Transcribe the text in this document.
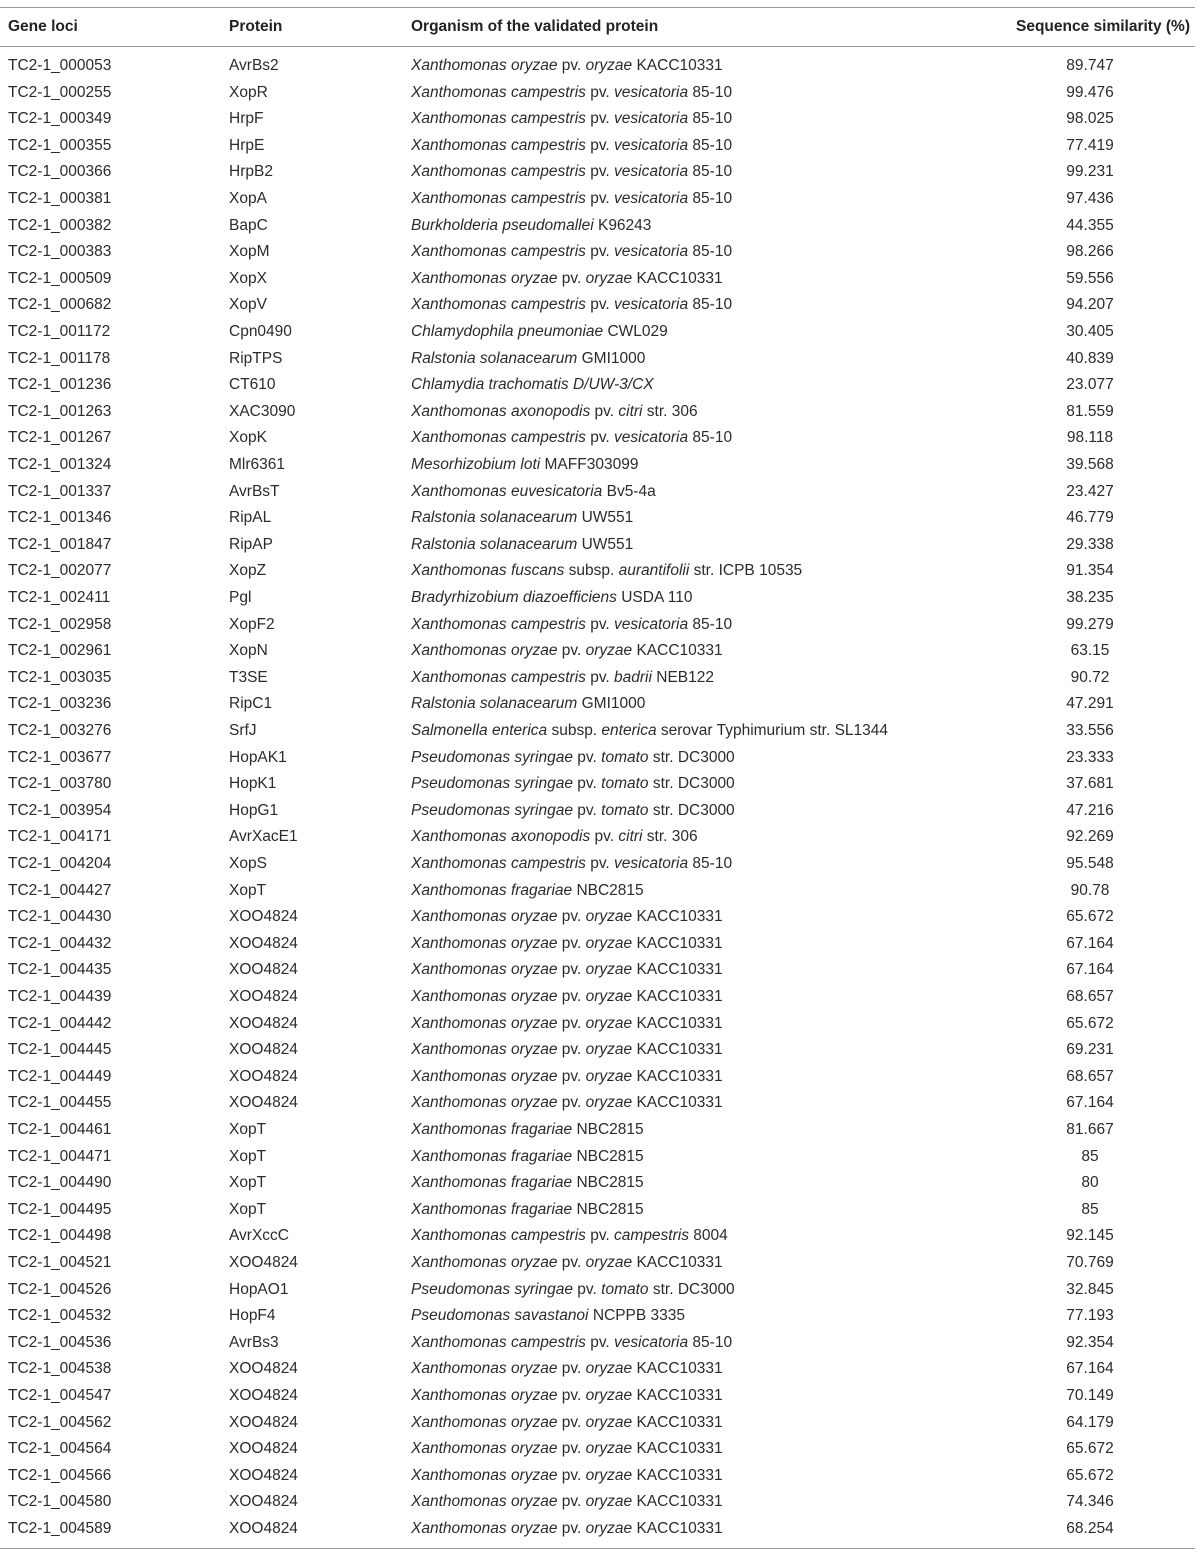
Gene loci	Protein	Organism of the validated protein	Sequence similarity (%)
TC2-1_000053	AvrBs2	Xanthomonas oryzae pv. oryzae KACC10331	89.747
TC2-1_000255	XopR	Xanthomonas campestris pv. vesicatoria 85-10	99.476
TC2-1_000349	HrpF	Xanthomonas campestris pv. vesicatoria 85-10	98.025
TC2-1_000355	HrpE	Xanthomonas campestris pv. vesicatoria 85-10	77.419
TC2-1_000366	HrpB2	Xanthomonas campestris pv. vesicatoria 85-10	99.231
TC2-1_000381	XopA	Xanthomonas campestris pv. vesicatoria 85-10	97.436
TC2-1_000382	BapC	Burkholderia pseudomallei K96243	44.355
TC2-1_000383	XopM	Xanthomonas campestris pv. vesicatoria 85-10	98.266
TC2-1_000509	XopX	Xanthomonas oryzae pv. oryzae KACC10331	59.556
TC2-1_000682	XopV	Xanthomonas campestris pv. vesicatoria 85-10	94.207
TC2-1_001172	Cpn0490	Chlamydophila pneumoniae CWL029	30.405
TC2-1_001178	RipTPS	Ralstonia solanacearum GMI1000	40.839
TC2-1_001236	CT610	Chlamydia trachomatis D/UW-3/CX	23.077
TC2-1_001263	XAC3090	Xanthomonas axonopodis pv. citri str. 306	81.559
TC2-1_001267	XopK	Xanthomonas campestris pv. vesicatoria 85-10	98.118
TC2-1_001324	Mlr6361	Mesorhizobium loti MAFF303099	39.568
TC2-1_001337	AvrBsT	Xanthomonas euvesicatoria Bv5-4a	23.427
TC2-1_001346	RipAL	Ralstonia solanacearum UW551	46.779
TC2-1_001847	RipAP	Ralstonia solanacearum UW551	29.338
TC2-1_002077	XopZ	Xanthomonas fuscans subsp. aurantifolii str. ICPB 10535	91.354
TC2-1_002411	Pgl	Bradyrhizobium diazoefficiens USDA 110	38.235
TC2-1_002958	XopF2	Xanthomonas campestris pv. vesicatoria 85-10	99.279
TC2-1_002961	XopN	Xanthomonas oryzae pv. oryzae KACC10331	63.15
TC2-1_003035	T3SE	Xanthomonas campestris pv. badrii NEB122	90.72
TC2-1_003236	RipC1	Ralstonia solanacearum GMI1000	47.291
TC2-1_003276	SrfJ	Salmonella enterica subsp. enterica serovar Typhimurium str. SL1344	33.556
TC2-1_003677	HopAK1	Pseudomonas syringae pv. tomato str. DC3000	23.333
TC2-1_003780	HopK1	Pseudomonas syringae pv. tomato str. DC3000	37.681
TC2-1_003954	HopG1	Pseudomonas syringae pv. tomato str. DC3000	47.216
TC2-1_004171	AvrXacE1	Xanthomonas axonopodis pv. citri str. 306	92.269
TC2-1_004204	XopS	Xanthomonas campestris pv. vesicatoria 85-10	95.548
TC2-1_004427	XopT	Xanthomonas fragariae NBC2815	90.78
TC2-1_004430	XOO4824	Xanthomonas oryzae pv. oryzae KACC10331	65.672
TC2-1_004432	XOO4824	Xanthomonas oryzae pv. oryzae KACC10331	67.164
TC2-1_004435	XOO4824	Xanthomonas oryzae pv. oryzae KACC10331	67.164
TC2-1_004439	XOO4824	Xanthomonas oryzae pv. oryzae KACC10331	68.657
TC2-1_004442	XOO4824	Xanthomonas oryzae pv. oryzae KACC10331	65.672
TC2-1_004445	XOO4824	Xanthomonas oryzae pv. oryzae KACC10331	69.231
TC2-1_004449	XOO4824	Xanthomonas oryzae pv. oryzae KACC10331	68.657
TC2-1_004455	XOO4824	Xanthomonas oryzae pv. oryzae KACC10331	67.164
TC2-1_004461	XopT	Xanthomonas fragariae NBC2815	81.667
TC2-1_004471	XopT	Xanthomonas fragariae NBC2815	85
TC2-1_004490	XopT	Xanthomonas fragariae NBC2815	80
TC2-1_004495	XopT	Xanthomonas fragariae NBC2815	85
TC2-1_004498	AvrXccC	Xanthomonas campestris pv. campestris 8004	92.145
TC2-1_004521	XOO4824	Xanthomonas oryzae pv. oryzae KACC10331	70.769
TC2-1_004526	HopAO1	Pseudomonas syringae pv. tomato str. DC3000	32.845
TC2-1_004532	HopF4	Pseudomonas savastanoi NCPPB 3335	77.193
TC2-1_004536	AvrBs3	Xanthomonas campestris pv. vesicatoria 85-10	92.354
TC2-1_004538	XOO4824	Xanthomonas oryzae pv. oryzae KACC10331	67.164
TC2-1_004547	XOO4824	Xanthomonas oryzae pv. oryzae KACC10331	70.149
TC2-1_004562	XOO4824	Xanthomonas oryzae pv. oryzae KACC10331	64.179
TC2-1_004564	XOO4824	Xanthomonas oryzae pv. oryzae KACC10331	65.672
TC2-1_004566	XOO4824	Xanthomonas oryzae pv. oryzae KACC10331	65.672
TC2-1_004580	XOO4824	Xanthomonas oryzae pv. oryzae KACC10331	74.346
TC2-1_004589	XOO4824	Xanthomonas oryzae pv. oryzae KACC10331	68.254
